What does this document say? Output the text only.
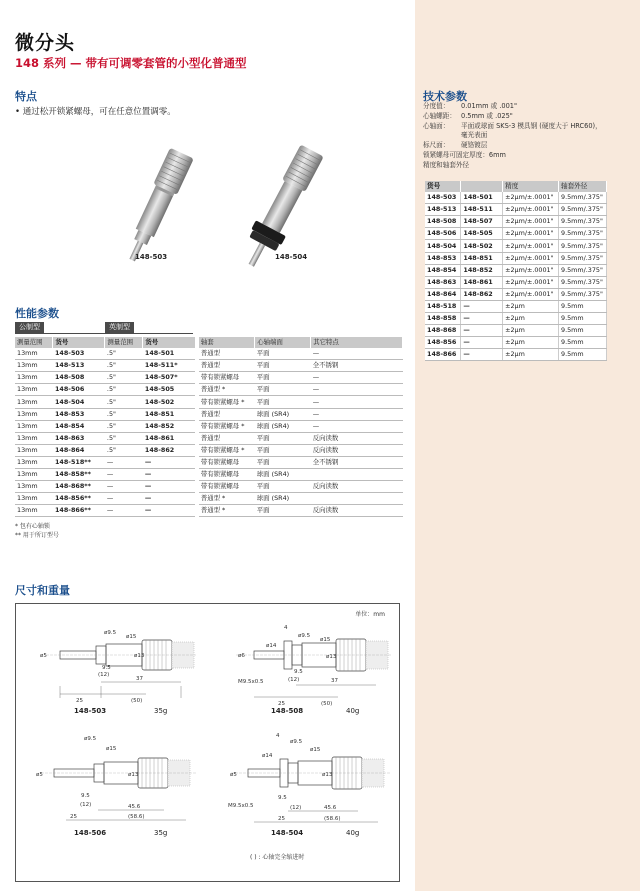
微分头
148 系列 — 带有可调零套管的小型化普通型
特点
• 通过松开锁紧螺母，可在任意位置调零。
148-503	148-504
性能参数
公制型	英制型
测量范围	货号	测量范围	货号	轴套	心轴端面	其它特点
13mm	148-503	.5"	148-501	普通型	平面	—
13mm	148-513	.5"	148-511*	普通型	平面	全不锈钢
13mm	148-508	.5"	148-507*	带有锁紧螺母	平面	—
13mm	148-506	.5"	148-505	普通型 *	平面	—
13mm	148-504	.5"	148-502	带有锁紧螺母 *	平面	—
13mm	148-853	.5"	148-851	普通型	球面 (SR4)	—
13mm	148-854	.5"	148-852	带有锁紧螺母 *	球面 (SR4)	—
13mm	148-863	.5"	148-861	普通型	平面	反向读数
13mm	148-864	.5"	148-862	带有锁紧螺母 *	平面	反向读数
13mm	148-518**	—	—	带有锁紧螺母	平面	全不锈钢
13mm	148-858**	—	—	带有锁紧螺母	球面 (SR4)	
13mm	148-868**	—	—	带有锁紧螺母	平面	反向读数
13mm	148-856**	—	—	普通型 *	球面 (SR4)	
13mm	148-866**	—	—	普通型 *	平面	反向读数
* 包有心轴锁
** 用于所订型号
技术参数
分度值：	0.01mm 或 .001"
心轴螺距： 0.5mm 或 .025"
心轴面：	平面或球面 SKS-3 模具钢 (硬度大于 HRC60)，
毫光表面
标尺面：	硬铬镀层
锁紧螺母可固定厚度：6mm
精度和轴套外径
货号		精度	轴套外径
148-503	148-501	±2μm/±.0001"	9.5mm/.375"
148-513	148-511	±2μm/±.0001"	9.5mm/.375"
148-508	148-507	±2μm/±.0001"	9.5mm/.375"
148-506	148-505	±2μm/±.0001"	9.5mm/.375"
148-504	148-502	±2μm/±.0001"	9.5mm/.375"
148-853	148-851	±2μm/±.0001"	9.5mm/.375"
148-854	148-852	±2μm/±.0001"	9.5mm/.375"
148-863	148-861	±2μm/±.0001"	9.5mm/.375"
148-864	148-862	±2μm/±.0001"	9.5mm/.375"
148-518	—	±2μm	9.5mm
148-858	—	±2μm	9.5mm
148-868	—	±2μm	9.5mm
148-856	—	±2μm	9.5mm
148-866	—	±2μm	9.5mm
尺寸和重量
单位：mm
25	(50)
37
(12)
9.5
ø9.5
ø15
ø13
ø5
148-503	35g
4
ø9.5
ø15
ø13
ø14
ø6
M9.5x0.5
9.5
(12)	37
25	(50)
148-508	40g
ø9.5
ø15
ø13
ø5
9.5
(12)	45.6
25	(58.6)
148-506	35g
4
ø9.5
ø15
ø13
ø14
ø5
M9.5x0.5
9.5
(12)	45.6
25	(58.6)
148-504	40g
( ) : 心轴完全缩进时
